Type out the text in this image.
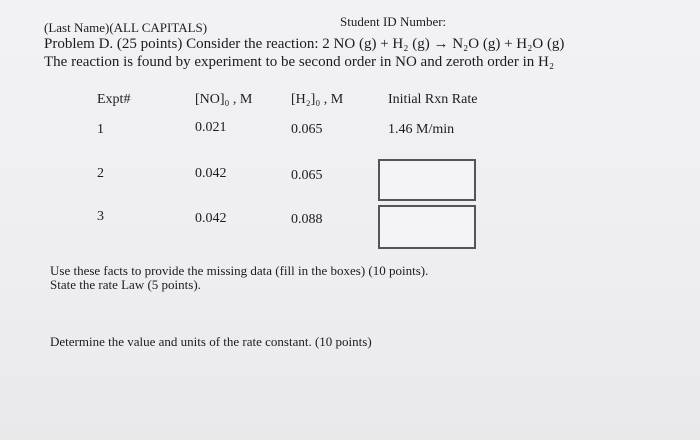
(Last Name)(ALL CAPITALS)	Student ID Number:
Problem D. (25 points) Consider the reaction: 2 NO (g) + H₂ (g) → N₂O (g) + H₂O (g)
The reaction is found by experiment to be second order in NO and zeroth order in H₂
Expt#	[NO]₀ , M	[H₂]₀ , M	Initial Rxn Rate
1	0.021	0.065	1.46 M/min
2	0.042	0.065
3	0.042	0.088
Use these facts to provide the missing data (fill in the boxes) (10 points).
State the rate Law (5 points).
Determine the value and units of the rate constant. (10 points)
